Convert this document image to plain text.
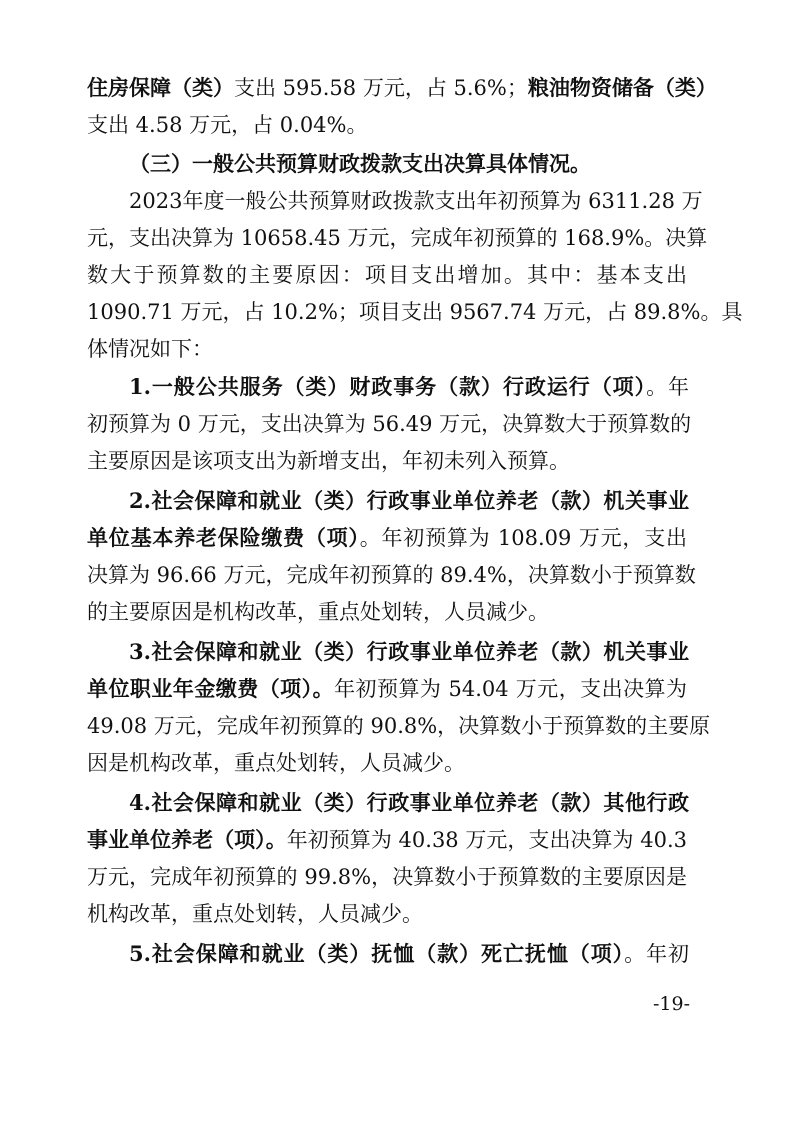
住房保障（类）支出 595.58 万元，占 5.6%；粮油物资储备（类）
支出 4.58 万元，占 0.04%。
（三）一般公共预算财政拨款支出决算具体情况。
2023年度一般公共预算财政拨款支出年初预算为 6311.28 万
元，支出决算为 10658.45 万元，完成年初预算的 168.9%。决算
数大于预算数的主要原因：项目支出增加。其中：基本支出
1090.71 万元，占 10.2%；项目支出 9567.74 万元，占 89.8%。具
体情况如下：
1.一般公共服务（类）财政事务（款）行政运行（项）。年
初预算为 0 万元，支出决算为 56.49 万元，决算数大于预算数的
主要原因是该项支出为新增支出，年初未列入预算。
2.社会保障和就业（类）行政事业单位养老（款）机关事业
单位基本养老保险缴费（项）。年初预算为 108.09 万元，支出
决算为 96.66 万元，完成年初预算的 89.4%，决算数小于预算数
的主要原因是机构改革，重点处划转，人员减少。
3.社会保障和就业（类）行政事业单位养老（款）机关事业
单位职业年金缴费（项）。年初预算为 54.04 万元，支出决算为
49.08 万元，完成年初预算的 90.8%，决算数小于预算数的主要原
因是机构改革，重点处划转，人员减少。
4.社会保障和就业（类）行政事业单位养老（款）其他行政
事业单位养老（项）。年初预算为 40.38 万元，支出决算为 40.3
万元，完成年初预算的 99.8%，决算数小于预算数的主要原因是
机构改革，重点处划转，人员减少。
5.社会保障和就业（类）抚恤（款）死亡抚恤（项）。年初
-19-
